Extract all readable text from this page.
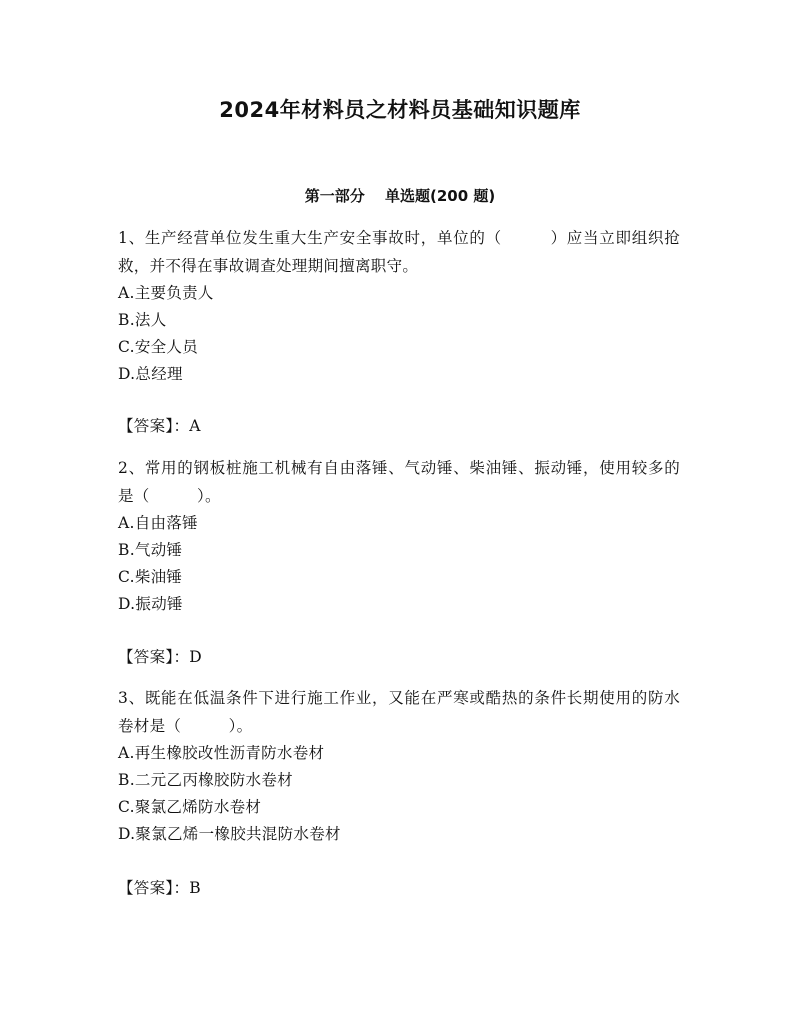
2024年材料员之材料员基础知识题库
第一部分　 单选题(200 题)
1、生产经营单位发生重大生产安全事故时，单位的（　　　）应当立即组织抢救，并不得在事故调查处理期间擅离职守。
A.主要负责人
B.法人
C.安全人员
D.总经理
【答案】：A
2、常用的钢板桩施工机械有自由落锤、气动锤、柴油锤、振动锤，使用较多的是（　　　）。
A.自由落锤
B.气动锤
C.柴油锤
D.振动锤
【答案】：D
3、既能在低温条件下进行施工作业，又能在严寒或酷热的条件长期使用的防水卷材是（　　　）。
A.再生橡胶改性沥青防水卷材
B.二元乙丙橡胶防水卷材
C.聚氯乙烯防水卷材
D.聚氯乙烯一橡胶共混防水卷材
【答案】：B
